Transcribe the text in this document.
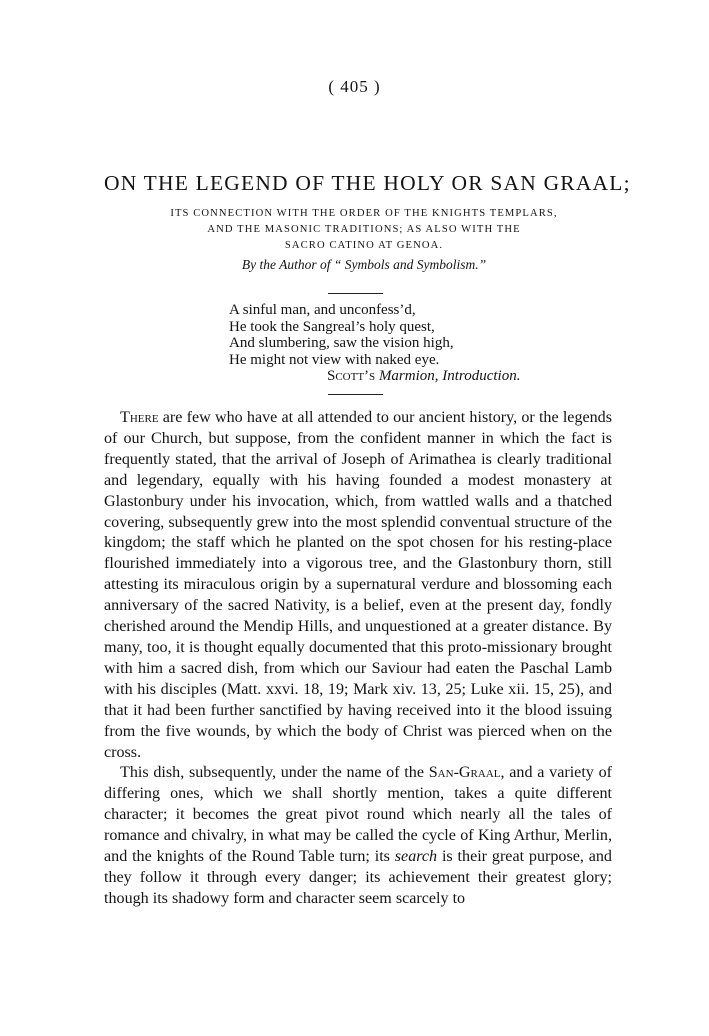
( 405 )
ON THE LEGEND OF THE HOLY OR SAN GRAAL;
ITS CONNECTION WITH THE ORDER OF THE KNIGHTS TEMPLARS,
AND THE MASONIC TRADITIONS; AS ALSO WITH THE
SACRO CATINO AT GENOA.
By the Author of “ Symbols and Symbolism.”
A sinful man, and unconfess’d,
He took the Sangreal’s holy quest,
And slumbering, saw the vision high,
He might not view with naked eye.
Scott’s Marmion, Introduction.

There are few who have at all attended to our ancient history, or the legends of our Church, but suppose, from the confident manner in which the fact is frequently stated, that the arrival of Joseph of Arimathea is clearly traditional and legendary, equally with his having founded a modest monastery at Glastonbury under his invocation, which, from wattled walls and a thatched covering, subsequently grew into the most splendid conventual structure of the kingdom; the staff which he planted on the spot chosen for his resting-place flourished immediately into a vigorous tree, and the Glastonbury thorn, still attesting its miraculous origin by a supernatural verdure and blossoming each anniversary of the sacred Nativity, is a belief, even at the present day, fondly cherished around the Mendip Hills, and unquestioned at a greater distance. By many, too, it is thought equally documented that this proto-missionary brought with him a sacred dish, from which our Saviour had eaten the Paschal Lamb with his disciples (Matt. xxvi. 18, 19; Mark xiv. 13, 25; Luke xii. 15, 25), and that it had been further sanctified by having received into it the blood issuing from the five wounds, by which the body of Christ was pierced when on the cross.

This dish, subsequently, under the name of the San-Graal, and a variety of differing ones, which we shall shortly mention, takes a quite different character; it becomes the great pivot round which nearly all the tales of romance and chivalry, in what may be called the cycle of King Arthur, Merlin, and the knights of the Round Table turn; its search is their great purpose, and they follow it through every danger; its achievement their greatest glory; though its shadowy form and character seem scarcely to
